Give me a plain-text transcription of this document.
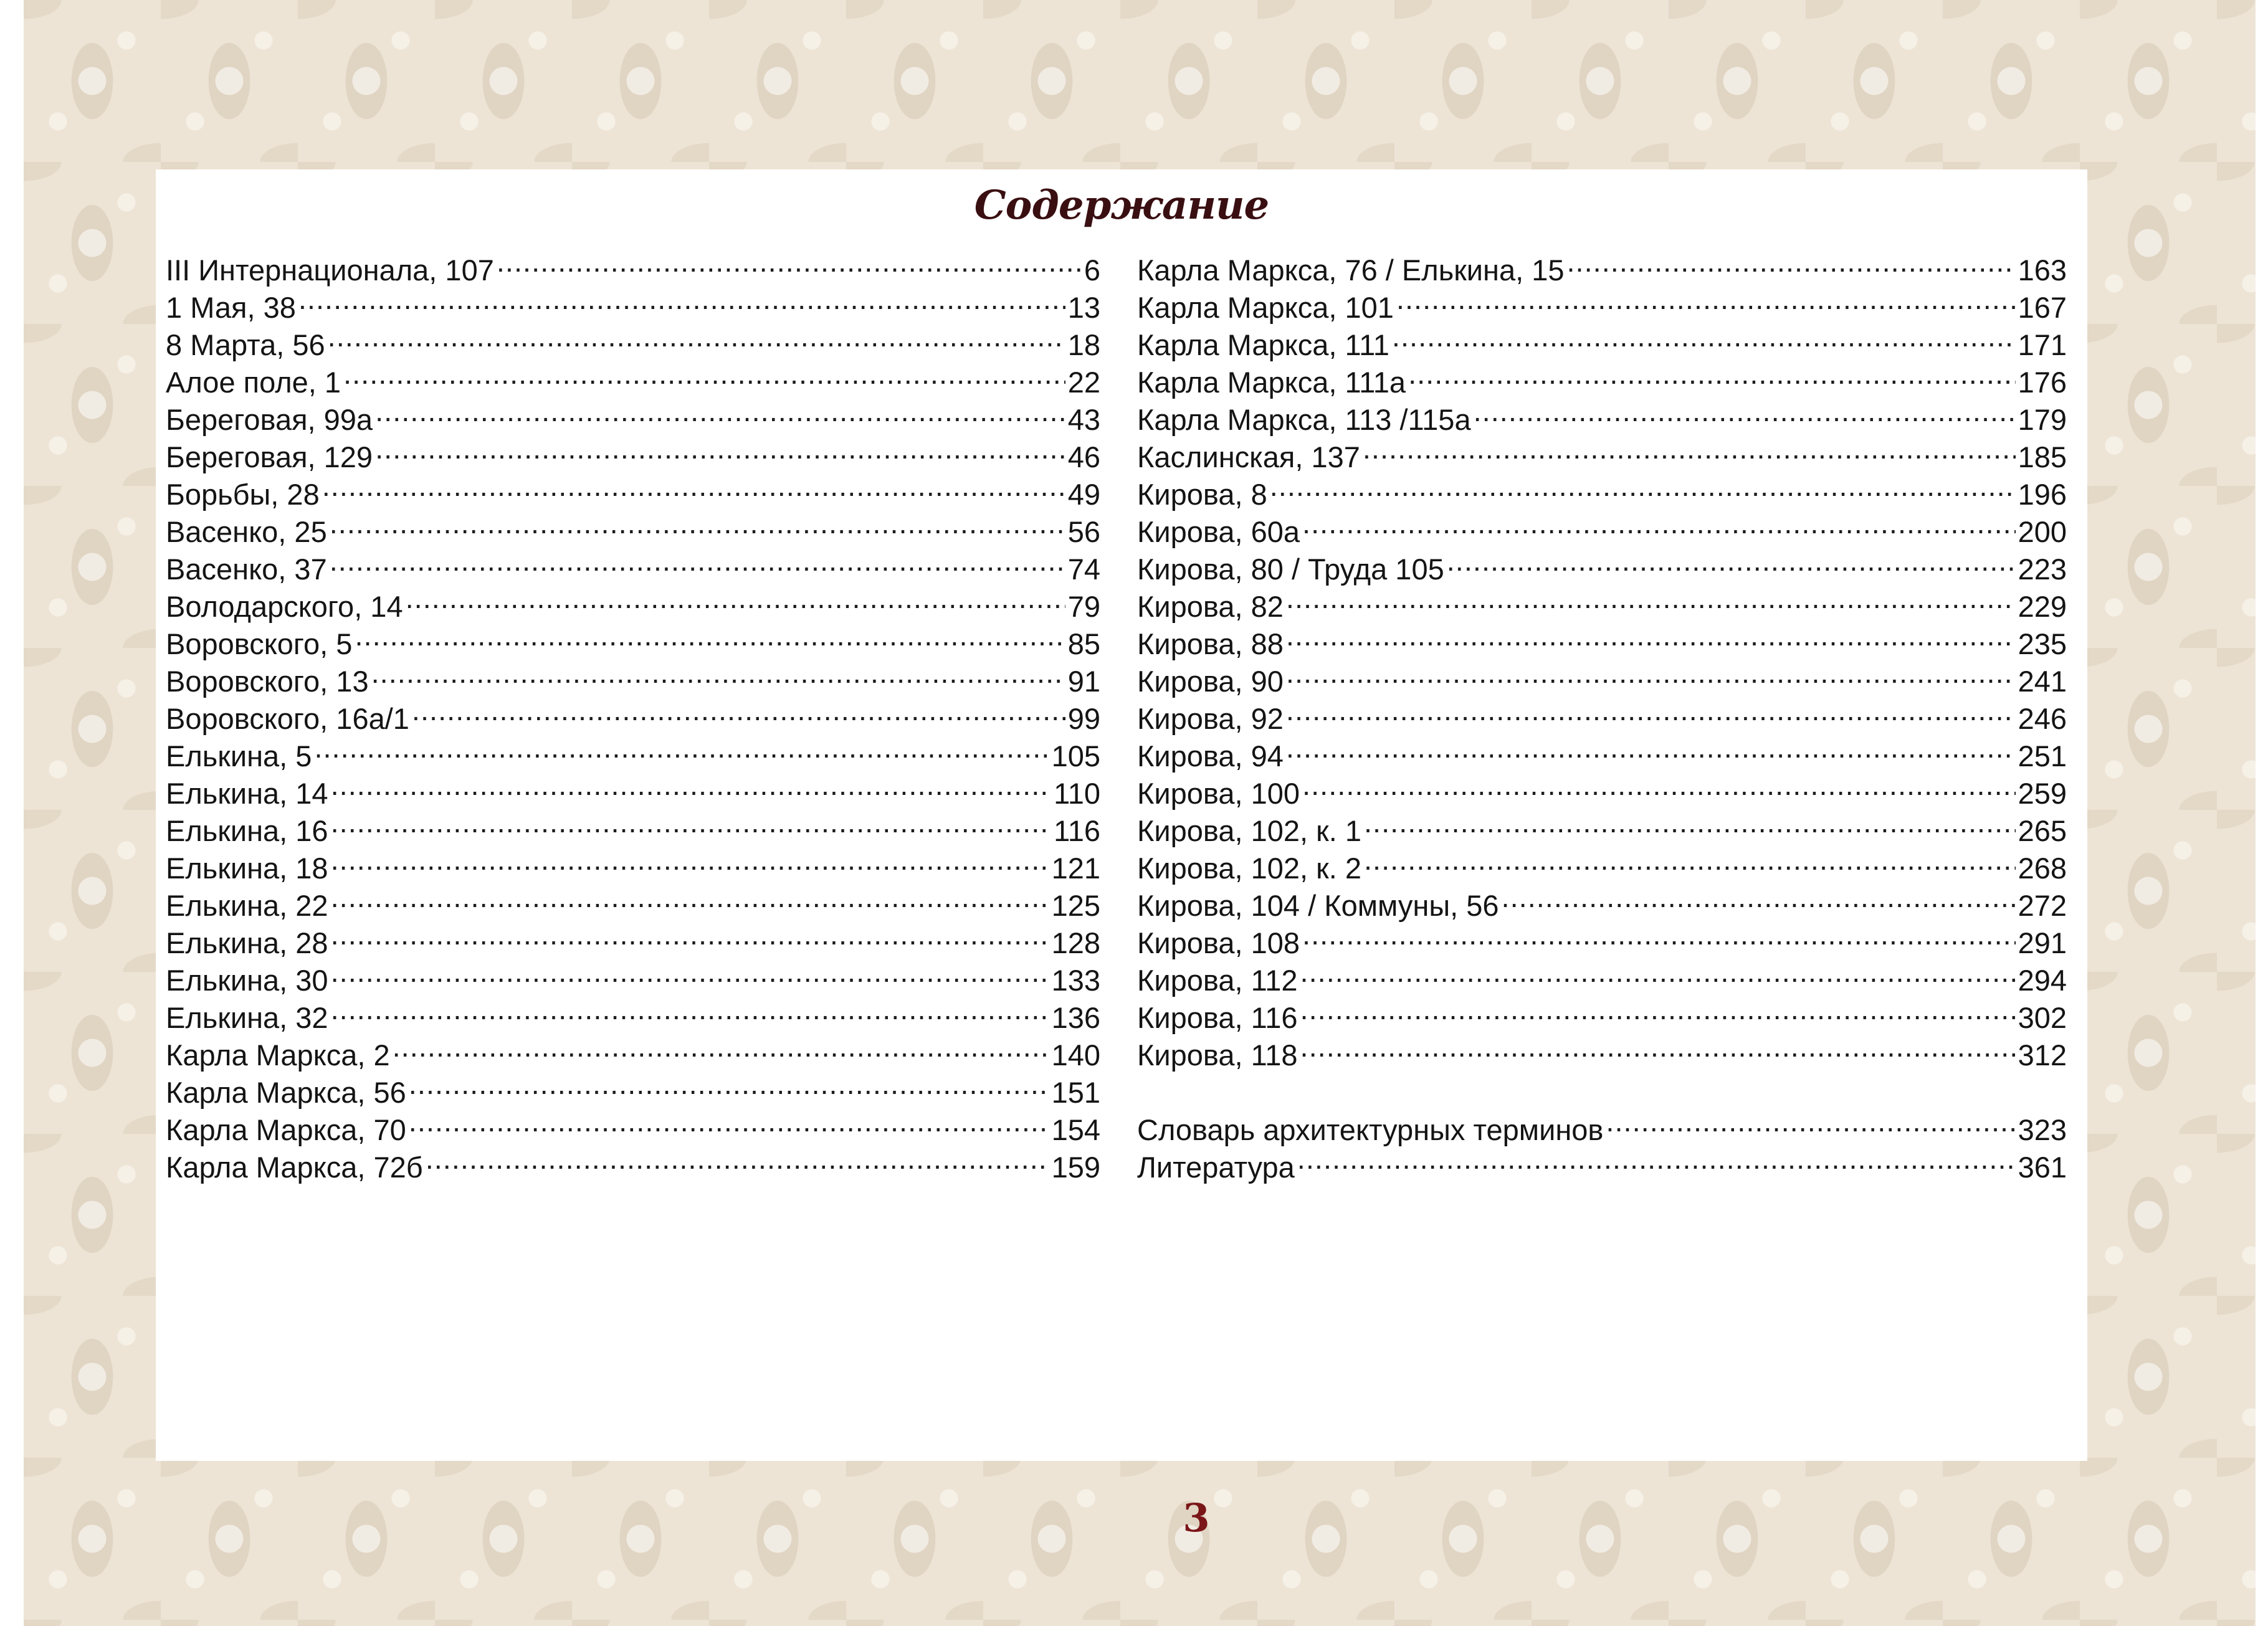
Содержание
III Интернационала, 107 .....	6
1 Мая, 38 .....	13
8 Марта, 56 .....	18
Алое поле, 1 .....	22
Береговая, 99а .....	43
Береговая, 129 .....	46
Борьбы, 28 .....	49
Васенко, 25 .....	56
Васенко, 37 .....	74
Володарского, 14 .....	79
Воровского, 5 .....	85
Воровского, 13 .....	91
Воровского, 16а/1 .....	99
Елькина, 5 .....	105
Елькина, 14 .....	110
Елькина, 16 .....	116
Елькина, 18 .....	121
Елькина, 22 .....	125
Елькина, 28 .....	128
Елькина, 30 .....	133
Елькина, 32 .....	136
Карла Маркса, 2 .....	140
Карла Маркса, 56 .....	151
Карла Маркса, 70 .....	154
Карла Маркса, 72б .....	159
Карла Маркса, 76 / Елькина, 15 .....	163
Карла Маркса, 101 .....	167
Карла Маркса, 111 .....	171
Карла Маркса, 111а .....	176
Карла Маркса, 113 /115а .....	179
Каслинская, 137 .....	185
Кирова, 8 .....	196
Кирова, 60а .....	200
Кирова, 80 / Труда 105 .....	223
Кирова, 82 .....	229
Кирова, 88 .....	235
Кирова, 90 .....	241
Кирова, 92 .....	246
Кирова, 94 .....	251
Кирова, 100 .....	259
Кирова, 102, к. 1 .....	265
Кирова, 102, к. 2 .....	268
Кирова, 104 / Коммуны, 56 .....	272
Кирова, 108 .....	291
Кирова, 112 .....	294
Кирова, 116 .....	302
Кирова, 118 .....	312
Словарь архитектурных терминов .....	323
Литература .....	361
3
